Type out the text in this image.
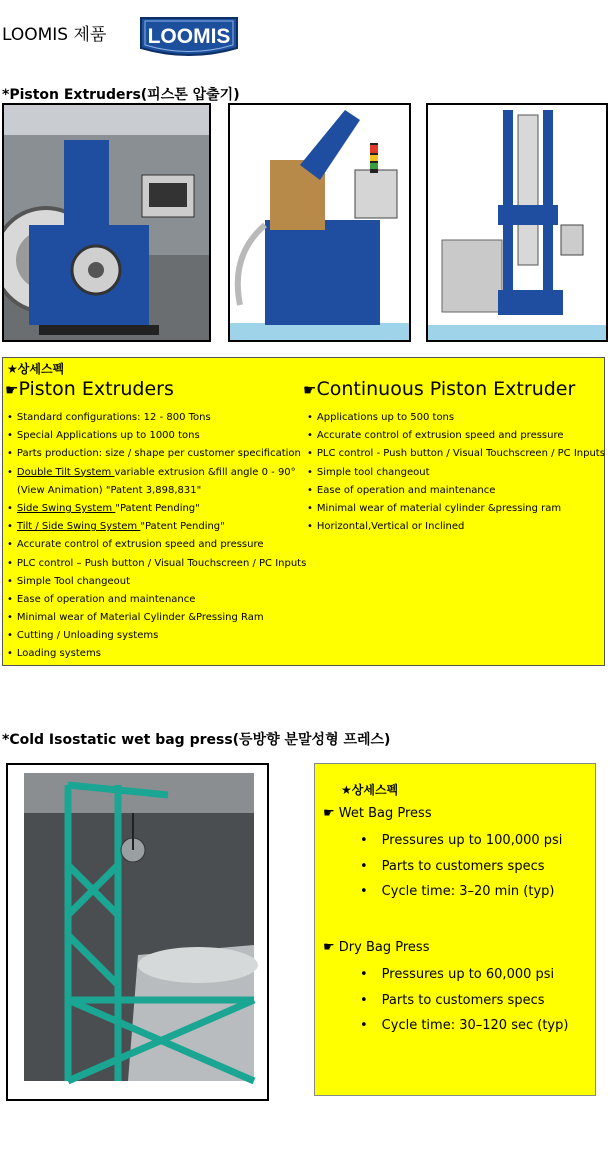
LOOMIS 제품 LOOMIS
*Piston Extruders(피스톤 압출기)
★상세스펙
☛Piston Extruders
• Standard configurations: 12 - 800 Tons
• Special Applications up to 1000 tons
• Parts production: size / shape per customer specification
• Double Tilt System variable extrusion &fill angle 0 - 90°
(View Animation) "Patent 3,898,831"
• Side Swing System "Patent Pending"
• Tilt / Side Swing System "Patent Pending"
• Accurate control of extrusion speed and pressure
• PLC control – Push button / Visual Touchscreen / PC Inputs
• Simple Tool changeout
• Ease of operation and maintenance
• Minimal wear of Material Cylinder &Pressing Ram
• Cutting / Unloading systems
• Loading systems
☛Continuous Piston Extruder
• Applications up to 500 tons
• Accurate control of extrusion speed and pressure
• PLC control - Push button / Visual Touchscreen / PC Inputs
• Simple tool changeout
• Ease of operation and maintenance
• Minimal wear of material cylinder &pressing ram
• Horizontal,Vertical or Inclined
*Cold Isostatic wet bag press(등방향 분말성형 프레스)
★상세스펙
☛ Wet Bag Press
• Pressures up to 100,000 psi
• Parts to customers specs
• Cycle time: 3–20 min (typ)
☛ Dry Bag Press
• Pressures up to 60,000 psi
• Parts to customers specs
• Cycle time: 30–120 sec (typ)
